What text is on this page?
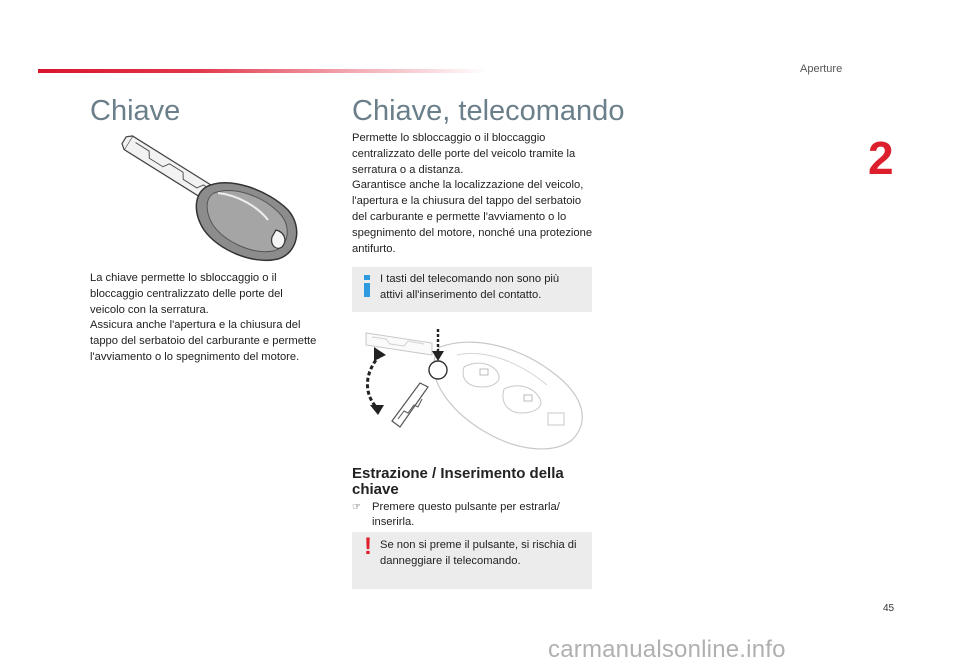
Aperture
2
Chiave
La chiave permette lo sbloccaggio o il bloccaggio centralizzato delle porte del veicolo con la serratura.
Assicura anche l'apertura e la chiusura del tappo del serbatoio del carburante e permette l'avviamento o lo spegnimento del motore.
Chiave, telecomando
Permette lo sbloccaggio o il bloccaggio centralizzato delle porte del veicolo tramite la serratura o a distanza.
Garantisce anche la localizzazione del veicolo, l'apertura e la chiusura del tappo del serbatoio del carburante e permette l'avviamento o lo spegnimento del motore, nonché una protezione antifurto.
I tasti del telecomando non sono più attivi all'inserimento del contatto.
Estrazione / Inserimento della chiave
☞ Premere questo pulsante per estrarla/ inserirla.
! Se non si preme il pulsante, si rischia di danneggiare il telecomando.
45
carmanualsonline.info
